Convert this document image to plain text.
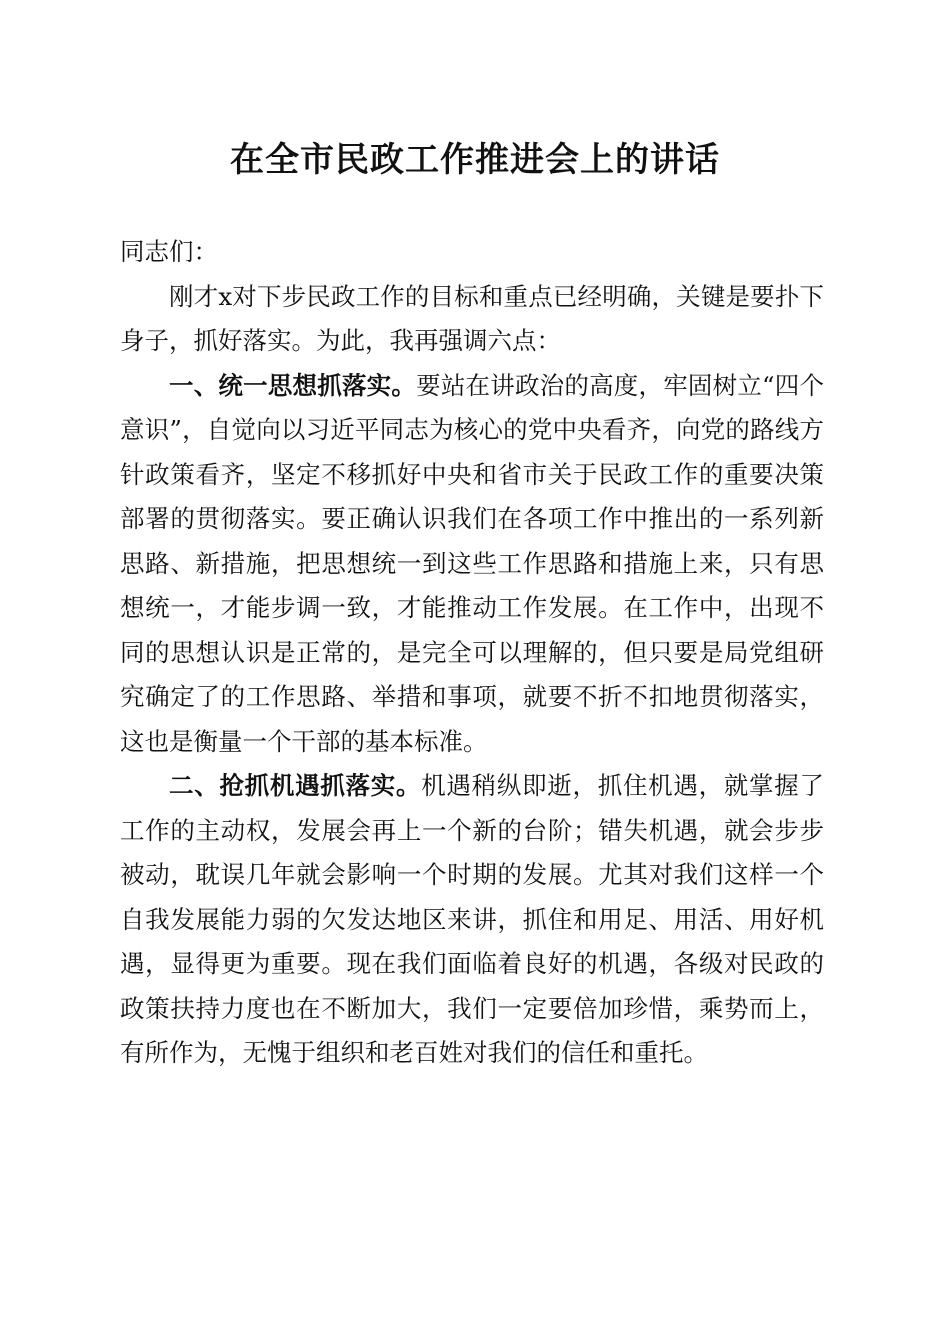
在全市民政工作推进会上的讲话

同志们：

刚才x对下步民政工作的目标和重点已经明确，关键是要扑下身子，抓好落实。为此，我再强调六点：

一、统一思想抓落实。要站在讲政治的高度，牢固树立“四个意识”，自觉向以习近平同志为核心的党中央看齐，向党的路线方针政策看齐，坚定不移抓好中央和省市关于民政工作的重要决策部署的贯彻落实。要正确认识我们在各项工作中推出的一系列新思路、新措施，把思想统一到这些工作思路和措施上来，只有思想统一，才能步调一致，才能推动工作发展。在工作中，出现不同的思想认识是正常的，是完全可以理解的，但只要是局党组研究确定了的工作思路、举措和事项，就要不折不扣地贯彻落实，这也是衡量一个干部的基本标准。

二、抢抓机遇抓落实。机遇稍纵即逝，抓住机遇，就掌握了工作的主动权，发展会再上一个新的台阶；错失机遇，就会步步被动，耽误几年就会影响一个时期的发展。尤其对我们这样一个自我发展能力弱的欠发达地区来讲，抓住和用足、用活、用好机遇，显得更为重要。现在我们面临着良好的机遇，各级对民政的政策扶持力度也在不断加大，我们一定要倍加珍惜，乘势而上，有所作为，无愧于组织和老百姓对我们的信任和重托。
